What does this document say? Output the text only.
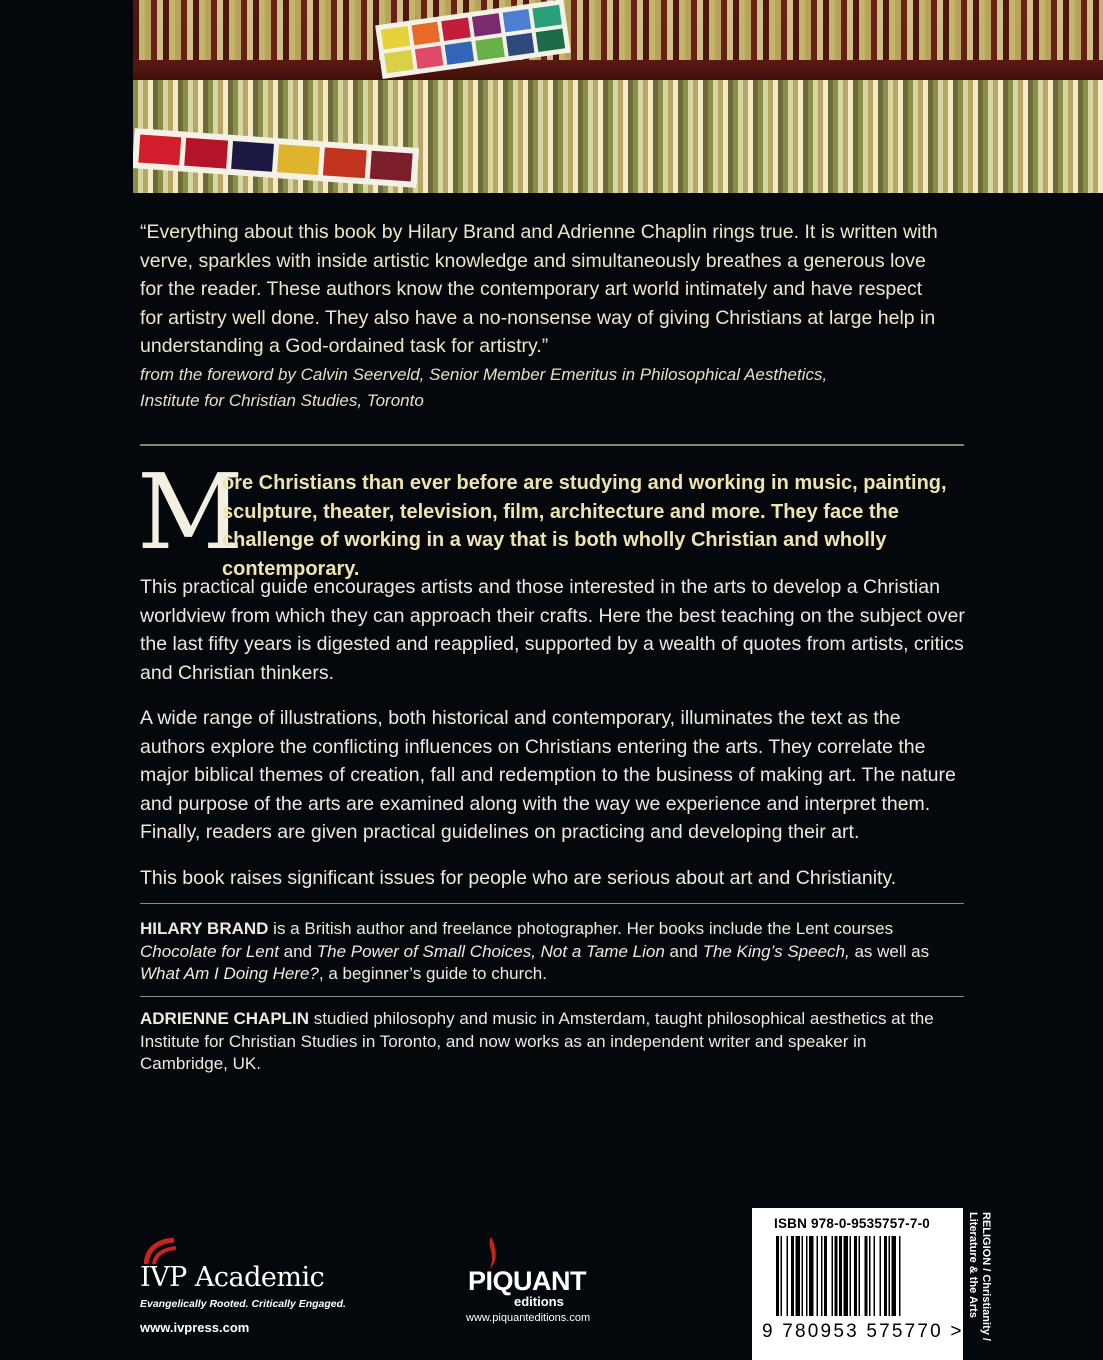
“Everything about this book by Hilary Brand and Adrienne Chaplin rings true. It is written with verve, sparkles with inside artistic knowledge and simultaneously breathes a generous love for the reader. These authors know the contemporary art world intimately and have respect for artistry well done. They also have a no-nonsense way of giving Christians at large help in understanding a God-ordained task for artistry.”
from the foreword by Calvin Seerveld, Senior Member Emeritus in Philosophical Aesthetics,
Institute for Christian Studies, Toronto
M
ore Christians than ever before are studying and working in music, painting, sculpture, theater, television, film, architecture and more. They face the challenge of working in a way that is both wholly Christian and wholly contemporary.

This practical guide encourages artists and those interested in the arts to develop a Christian worldview from which they can approach their crafts. Here the best teaching on the subject over the last fifty years is digested and reapplied, supported by a wealth of quotes from artists, critics and Christian thinkers.

A wide range of illustrations, both historical and contemporary, illuminates the text as the authors explore the conflicting influences on Christians entering the arts. They correlate the major biblical themes of creation, fall and redemption to the business of making art. The nature and purpose of the arts are examined along with the way we experience and interpret them. Finally, readers are given practical guidelines on practicing and developing their art.

This book raises significant issues for people who are serious about art and Christianity.

HILARY BRAND is a British author and freelance photographer. Her books include the Lent courses Chocolate for Lent and The Power of Small Choices, Not a Tame Lion and The King’s Speech, as well as What Am I Doing Here?, a beginner’s guide to church.
ADRIENNE CHAPLIN studied philosophy and music in Amsterdam, taught philosophical aesthetics at the Institute for Christian Studies in Toronto, and now works as an independent writer and speaker in Cambridge, UK.
IVP Academic
Evangelically Rooted. Critically Engaged.
www.ivpress.com
PIQUANT
editions
www.piquanteditions.com
ISBN 978-0-9535757-7-0
9 780953 575770 >	RELIGION / Christianity / Literature & the Arts
